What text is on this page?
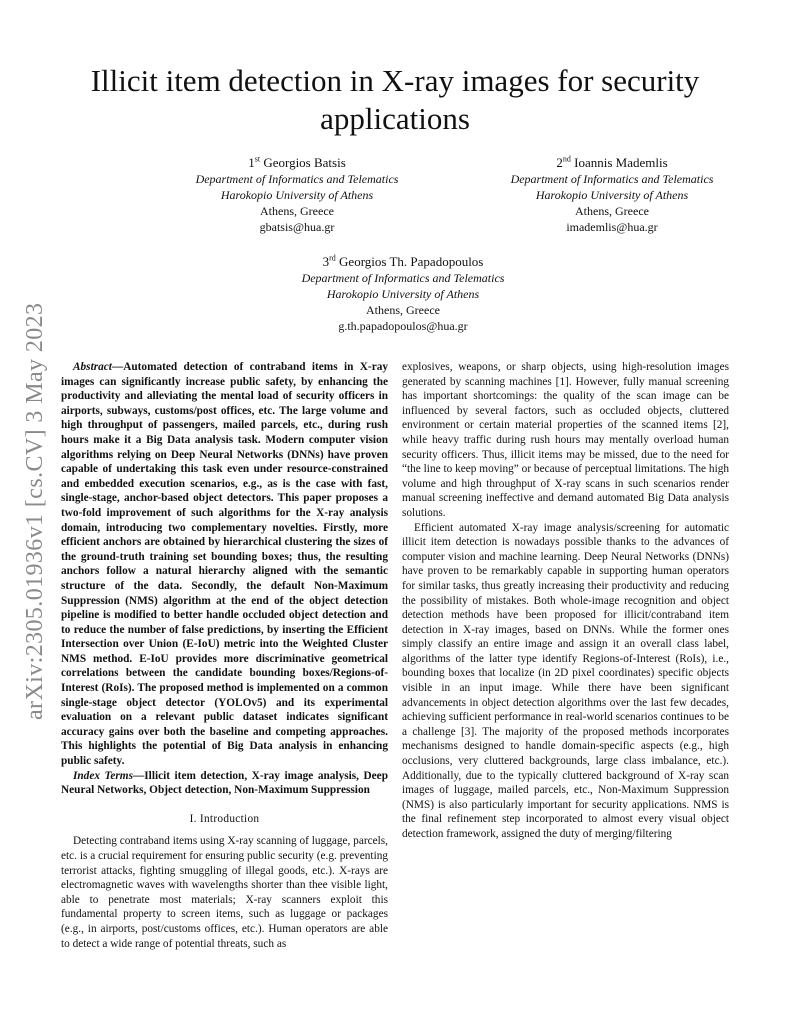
arXiv:2305.01936v1 [cs.CV] 3 May 2023
Illicit item detection in X-ray images for security applications
1st Georgios Batsis
Department of Informatics and Telematics
Harokopio University of Athens
Athens, Greece
gbatsis@hua.gr
2nd Ioannis Mademlis
Department of Informatics and Telematics
Harokopio University of Athens
Athens, Greece
imademlis@hua.gr
3rd Georgios Th. Papadopoulos
Department of Informatics and Telematics
Harokopio University of Athens
Athens, Greece
g.th.papadopoulos@hua.gr

Abstract—Automated detection of contraband items in X-ray images can significantly increase public safety, by enhancing the productivity and alleviating the mental load of security officers in airports, subways, customs/post offices, etc. The large volume and high throughput of passengers, mailed parcels, etc., during rush hours make it a Big Data analysis task. Modern computer vision algorithms relying on Deep Neural Networks (DNNs) have proven capable of undertaking this task even under resource-constrained and embedded execution scenarios, e.g., as is the case with fast, single-stage, anchor-based object detectors. This paper proposes a two-fold improvement of such algorithms for the X-ray analysis domain, introducing two complementary novelties. Firstly, more efficient anchors are obtained by hierarchical clustering the sizes of the ground-truth training set bounding boxes; thus, the resulting anchors follow a natural hierarchy aligned with the semantic structure of the data. Secondly, the default Non-Maximum Suppression (NMS) algorithm at the end of the object detection pipeline is modified to better handle occluded object detection and to reduce the number of false predictions, by inserting the Efficient Intersection over Union (E-IoU) metric into the Weighted Cluster NMS method. E-IoU provides more discriminative geometrical correlations between the candidate bounding boxes/Regions-of-Interest (RoIs). The proposed method is implemented on a common single-stage object detector (YOLOv5) and its experimental evaluation on a relevant public dataset indicates significant accuracy gains over both the baseline and competing approaches. This highlights the potential of Big Data analysis in enhancing public safety.

Index Terms—Illicit item detection, X-ray image analysis, Deep Neural Networks, Object detection, Non-Maximum Suppression

I. Introduction

Detecting contraband items using X-ray scanning of luggage, parcels, etc. is a crucial requirement for ensuring public security (e.g. preventing terrorist attacks, fighting smuggling of illegal goods, etc.). X-rays are electromagnetic waves with wavelengths shorter than thee visible light, able to penetrate most materials; X-ray scanners exploit this fundamental property to screen items, such as luggage or packages (e.g., in airports, post/customs offices, etc.). Human operators are able to detect a wide range of potential threats, such as

explosives, weapons, or sharp objects, using high-resolution images generated by scanning machines [1]. However, fully manual screening has important shortcomings: the quality of the scan image can be influenced by several factors, such as occluded objects, cluttered environment or certain material properties of the scanned items [2], while heavy traffic during rush hours may mentally overload human security officers. Thus, illicit items may be missed, due to the need for “the line to keep moving” or because of perceptual limitations. The high volume and high throughput of X-ray scans in such scenarios render manual screening ineffective and demand automated Big Data analysis solutions.

Efficient automated X-ray image analysis/screening for automatic illicit item detection is nowadays possible thanks to the advances of computer vision and machine learning. Deep Neural Networks (DNNs) have proven to be remarkably capable in supporting human operators for similar tasks, thus greatly increasing their productivity and reducing the possibility of mistakes. Both whole-image recognition and object detection methods have been proposed for illicit/contraband item detection in X-ray images, based on DNNs. While the former ones simply classify an entire image and assign it an overall class label, algorithms of the latter type identify Regions-of-Interest (RoIs), i.e., bounding boxes that localize (in 2D pixel coordinates) specific objects visible in an input image. While there have been significant advancements in object detection algorithms over the last few decades, achieving sufficient performance in real-world scenarios continues to be a challenge [3]. The majority of the proposed methods incorporates mechanisms designed to handle domain-specific aspects (e.g., high occlusions, very cluttered backgrounds, large class imbalance, etc.). Additionally, due to the typically cluttered background of X-ray scan images of luggage, mailed parcels, etc., Non-Maximum Suppression (NMS) is also particularly important for security applications. NMS is the final refinement step incorporated to almost every visual object detection framework, assigned the duty of merging/filtering
